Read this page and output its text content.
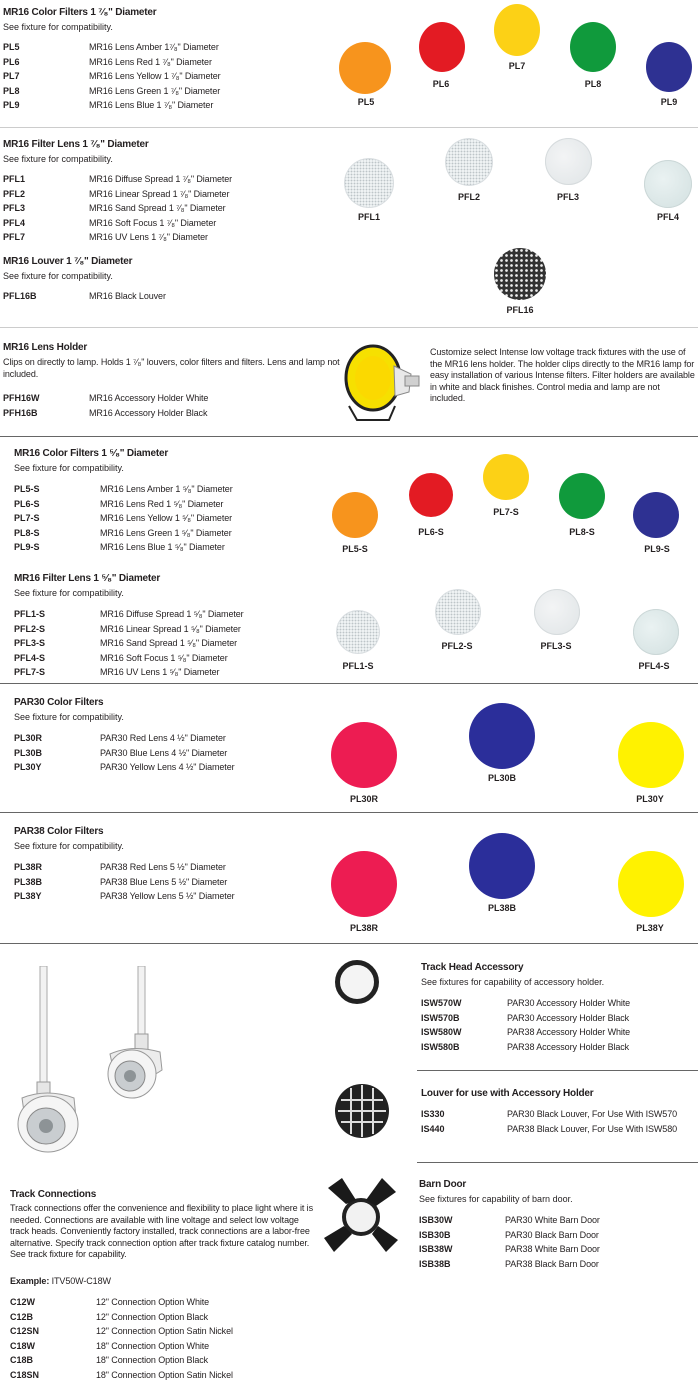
MR16 Color Filters 1 ⁷⁄₈" Diameter
See fixture for compatibility.
PL5	MR16 Lens Amber 1⁷⁄₈" Diameter
PL6	MR16 Lens Red 1 ⁷⁄₈" Diameter
PL7	MR16 Lens Yellow 1 ⁷⁄₈" Diameter
PL8	MR16 Lens Green 1 ⁷⁄₈" Diameter
PL9	MR16 Lens Blue 1 ⁷⁄₈" Diameter	PL5
PL6
PL7
PL8
PL9
MR16 Filter Lens 1 ⁷⁄₈" Diameter
See fixture for compatibility.
PFL1	MR16 Diffuse Spread 1 ⁷⁄₈" Diameter
PFL2	MR16 Linear Spread 1 ⁷⁄₈" Diameter
PFL3	MR16 Sand Spread 1 ⁷⁄₈" Diameter
PFL4	MR16 Soft Focus 1 ⁷⁄₈" Diameter
PFL7	MR16 UV Lens 1 ⁷⁄₈" Diameter
PFL1
PFL2	PFL3
PFL4
MR16 Louver 1 ⁷⁄₈" Diameter
See fixture for compatibility.
PFL16B	MR16 Black Louver
PFL16
MR16 Lens Holder
Clips on directly to lamp. Holds 1 ⁷⁄₈" louvers, color filters and filters. Lens and lamp not included.
PFH16W	MR16 Accessory Holder White
PFH16B	MR16 Accessory Holder Black
Customize select Intense low voltage track fixtures with the use of the MR16 lens holder. The holder clips directly to the MR16 lamp for easy installation of various Intense filters. Filter holders are available in white and black finishes. Control media and lamp are not included.
MR16 Color Filters 1 ⁵⁄₈" Diameter
See fixture for compatibility.
PL5-S	MR16 Lens Amber 1 ⁵⁄₈" Diameter
PL6-S	MR16 Lens Red 1 ⁵⁄₈" Diameter
PL7-S	MR16 Lens Yellow 1 ⁵⁄₈" Diameter
PL8-S	MR16 Lens Green 1 ⁵⁄₈" Diameter
PL9-S	MR16 Lens Blue 1 ⁵⁄₈" Diameter	PL5-S
PL6-S
PL7-S
PL8-S
PL9-S
MR16 Filter Lens 1 ⁵⁄₈" Diameter
See fixture for compatibility.
PFL1-S	MR16 Diffuse Spread 1 ⁵⁄₈" Diameter
PFL2-S	MR16 Linear Spread 1 ⁵⁄₈" Diameter
PFL3-S	MR16 Sand Spread 1 ⁵⁄₈" Diameter
PFL4-S	MR16 Soft Focus 1 ⁵⁄₈" Diameter
PFL7-S	MR16 UV Lens 1 ⁵⁄₈" Diameter
PFL1-S
PFL2-S	PFL3-S
PFL4-S
PAR30 Color Filters
See fixture for compatibility.
PL30R	PAR30 Red Lens 4 ½" Diameter
PL30B	PAR30 Blue Lens 4 ½" Diameter
PL30Y	PAR30 Yellow Lens 4 ½" Diameter
PL30R
PL30B
PL30Y
PAR38 Color Filters
See fixture for compatibility.
PL38R	PAR38 Red Lens 5 ½" Diameter
PL38B	PAR38 Blue Lens 5 ½" Diameter
PL38Y	PAR38 Yellow Lens 5 ½" Diameter
PL38R
PL38B
PL38Y
Track Head Accessory
See fixtures for capability of accessory holder.
ISW570W	PAR30 Accessory Holder White
ISW570B	PAR30 Accessory Holder Black
ISW580W	PAR38 Accessory Holder White
ISW580B	PAR38 Accessory Holder Black
Louver for use with Accessory Holder
IS330	PAR30 Black Louver, For Use With ISW570
IS440	PAR38 Black Louver, For Use With ISW580
Barn Door
See fixtures for capability of barn door.
ISB30W	PAR30 White Barn Door
ISB30B	PAR30 Black Barn Door
ISB38W	PAR38 White Barn Door
ISB38B	PAR38 Black Barn Door
Track Connections
Track connections offer the convenience and flexibility to place light where it is needed. Connections are available with line voltage and select low voltage track heads. Conveniently factory installed, track connections are a labor-free alternative. Specify track connection option after track fixture catalog number. See track fixture for capability.
Example: ITV50W-C18W
C12W	12" Connection Option White
C12B	12" Connection Option Black
C12SN	12" Connection Option Satin Nickel
C18W	18" Connection Option White
C18B	18" Connection Option Black
C18SN	18" Connection Option Satin Nickel
